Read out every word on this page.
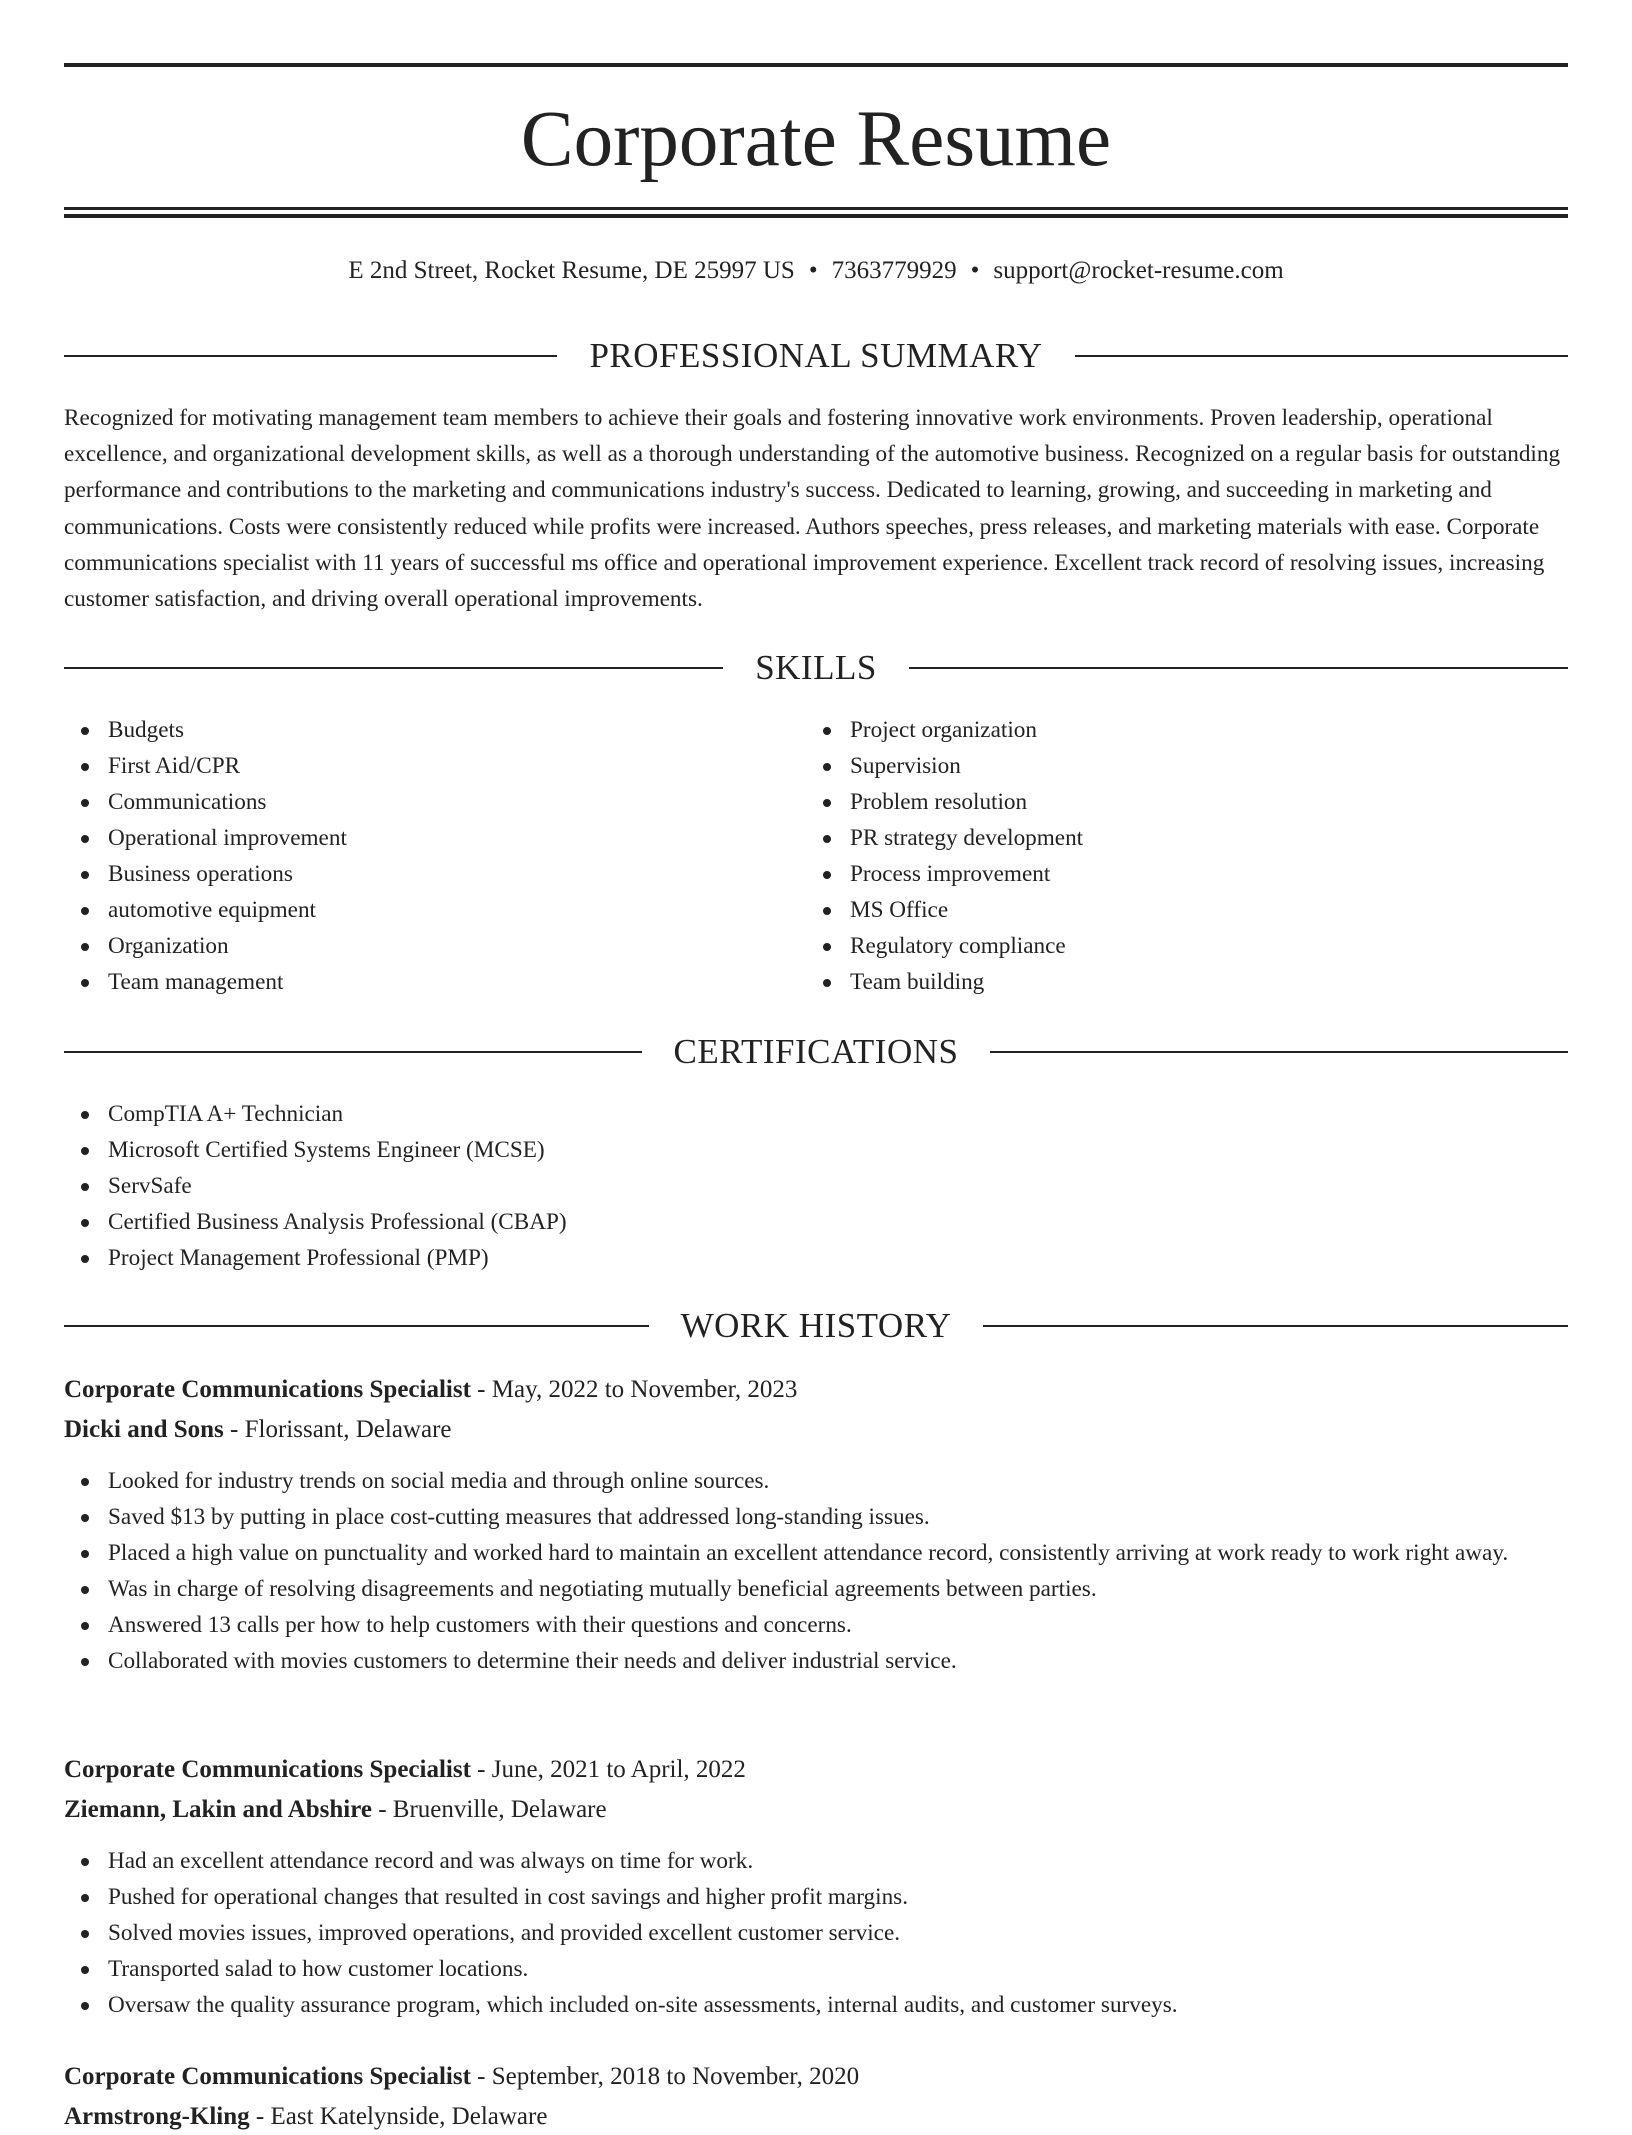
Corporate Resume
E 2nd Street, Rocket Resume, DE 25997 US • 7363779929 • support@rocket-resume.com
PROFESSIONAL SUMMARY
Recognized for motivating management team members to achieve their goals and fostering innovative work environments. Proven leadership, operational excellence, and organizational development skills, as well as a thorough understanding of the automotive business. Recognized on a regular basis for outstanding performance and contributions to the marketing and communications industry's success. Dedicated to learning, growing, and succeeding in marketing and communications. Costs were consistently reduced while profits were increased. Authors speeches, press releases, and marketing materials with ease. Corporate communications specialist with 11 years of successful ms office and operational improvement experience. Excellent track record of resolving issues, increasing customer satisfaction, and driving overall operational improvements.
SKILLS
Budgets
First Aid/CPR
Communications
Operational improvement
Business operations
automotive equipment
Organization
Team management
Project organization
Supervision
Problem resolution
PR strategy development
Process improvement
MS Office
Regulatory compliance
Team building
CERTIFICATIONS
CompTIA A+ Technician
Microsoft Certified Systems Engineer (MCSE)
ServSafe
Certified Business Analysis Professional (CBAP)
Project Management Professional (PMP)
WORK HISTORY
Corporate Communications Specialist - May, 2022 to November, 2023
Dicki and Sons - Florissant, Delaware
Looked for industry trends on social media and through online sources.
Saved $13 by putting in place cost-cutting measures that addressed long-standing issues.
Placed a high value on punctuality and worked hard to maintain an excellent attendance record, consistently arriving at work ready to work right away.
Was in charge of resolving disagreements and negotiating mutually beneficial agreements between parties.
Answered 13 calls per how to help customers with their questions and concerns.
Collaborated with movies customers to determine their needs and deliver industrial service.
Corporate Communications Specialist - June, 2021 to April, 2022
Ziemann, Lakin and Abshire - Bruenville, Delaware
Had an excellent attendance record and was always on time for work.
Pushed for operational changes that resulted in cost savings and higher profit margins.
Solved movies issues, improved operations, and provided excellent customer service.
Transported salad to how customer locations.
Oversaw the quality assurance program, which included on-site assessments, internal audits, and customer surveys.
Corporate Communications Specialist - September, 2018 to November, 2020
Armstrong-Kling - East Katelynside, Delaware
